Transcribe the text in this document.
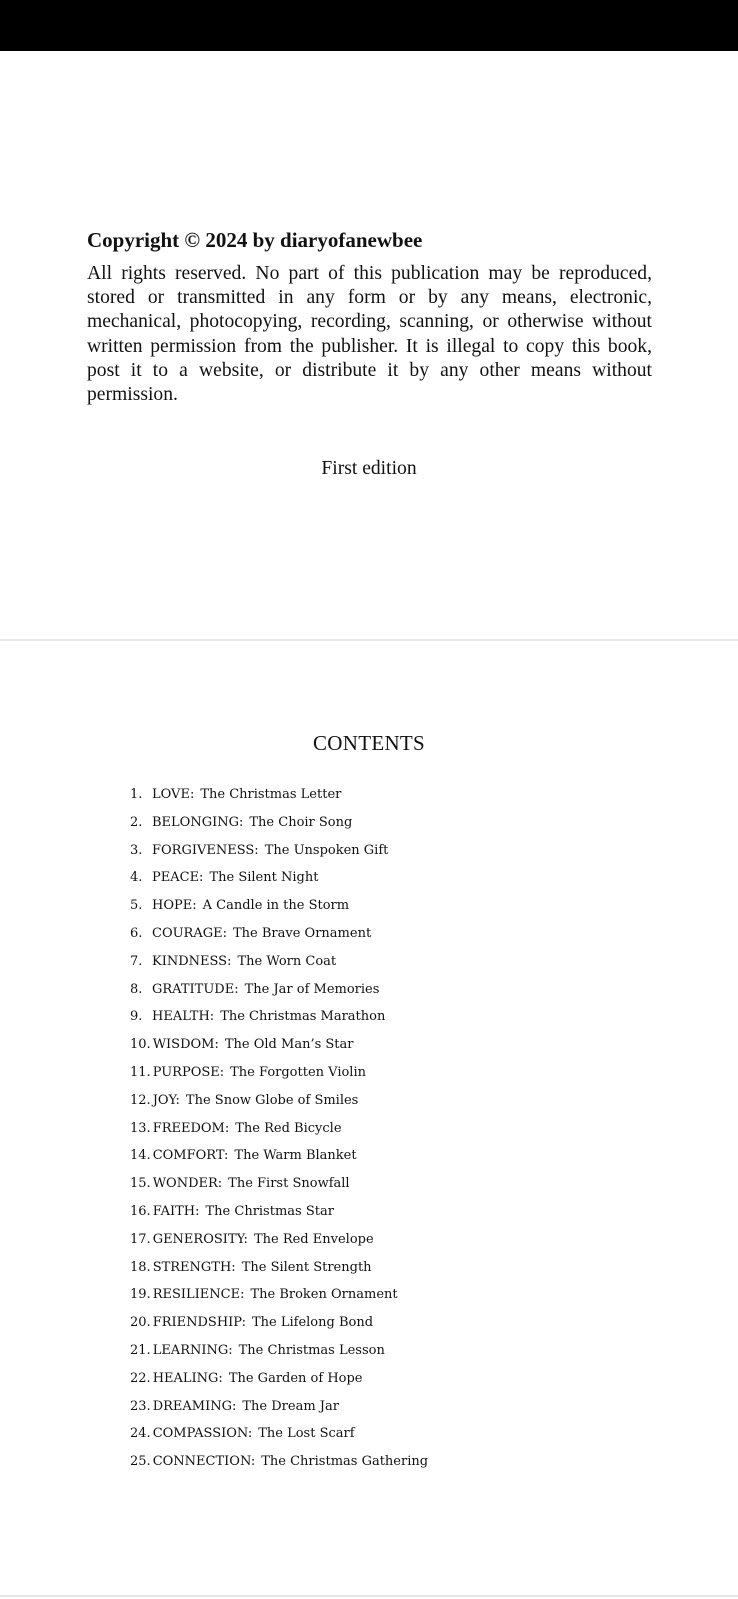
Copyright © 2024 by diaryofanewbee
All rights reserved. No part of this publication may be reproduced, stored or transmitted in any form or by any means, electronic, mechanical, photocopying, recording, scanning, or otherwise without written permission from the publisher. It is illegal to copy this book, post it to a website, or distribute it by any other means without permission.
First edition
CONTENTS
1. LOVE: The Christmas Letter
2. BELONGING: The Choir Song
3. FORGIVENESS: The Unspoken Gift
4. PEACE: The Silent Night
5. HOPE: A Candle in the Storm
6. COURAGE: The Brave Ornament
7. KINDNESS: The Worn Coat
8. GRATITUDE: The Jar of Memories
9. HEALTH: The Christmas Marathon
10. WISDOM: The Old Man’s Star
11. PURPOSE: The Forgotten Violin
12. JOY: The Snow Globe of Smiles
13. FREEDOM: The Red Bicycle
14. COMFORT: The Warm Blanket
15. WONDER: The First Snowfall
16. FAITH: The Christmas Star
17. GENEROSITY: The Red Envelope
18. STRENGTH: The Silent Strength
19. RESILIENCE: The Broken Ornament
20. FRIENDSHIP: The Lifelong Bond
21. LEARNING: The Christmas Lesson
22. HEALING: The Garden of Hope
23. DREAMING: The Dream Jar
24. COMPASSION: The Lost Scarf
25. CONNECTION: The Christmas Gathering
